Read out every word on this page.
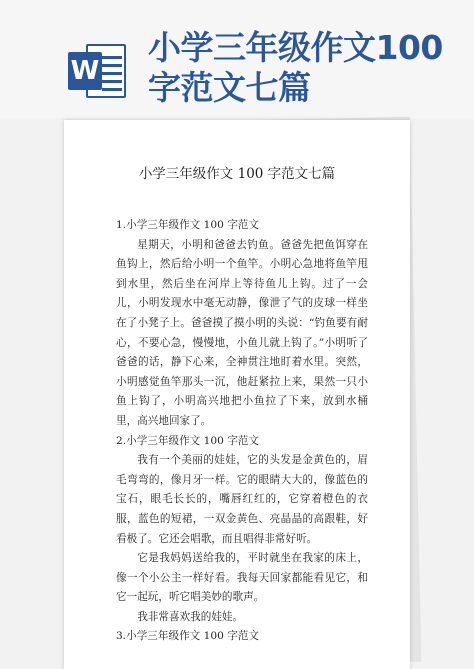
W
小学三年级作文100字范文七篇
小学三年级作文 100 字范文七篇

1.小学三年级作文 100 字范文

星期天，小明和爸爸去钓鱼。爸爸先把鱼饵穿在鱼钩上，然后给小明一个鱼竿。小明心急地将鱼竿甩到水里，然后坐在河岸上等待鱼儿上钩。过了一会儿，小明发现水中毫无动静，像泄了气的皮球一样坐在了小凳子上。爸爸摸了摸小明的头说：“钓鱼要有耐心，不要心急，慢慢地，小鱼儿就上钩了。”小明听了爸爸的话，静下心来，全神贯注地盯着水里。突然，小明感觉鱼竿那头一沉，他赶紧拉上来，果然一只小鱼上钩了，小明高兴地把小鱼拉了下来，放到水桶里，高兴地回家了。

2.小学三年级作文 100 字范文

我有一个美丽的娃娃，它的头发是金黄色的，眉毛弯弯的，像月牙一样。它的眼睛大大的，像蓝色的宝石，眼毛长长的，嘴唇红红的，它穿着橙色的衣服，蓝色的短裙，一双金黄色、亮晶晶的高跟鞋，好看极了。它还会唱歌，而且唱得非常好听。

它是我妈妈送给我的，平时就坐在我家的床上，像一个小公主一样好看。我每天回家都能看见它，和它一起玩，听它唱美妙的歌声。

我非常喜欢我的娃娃。

3.小学三年级作文 100 字范文
